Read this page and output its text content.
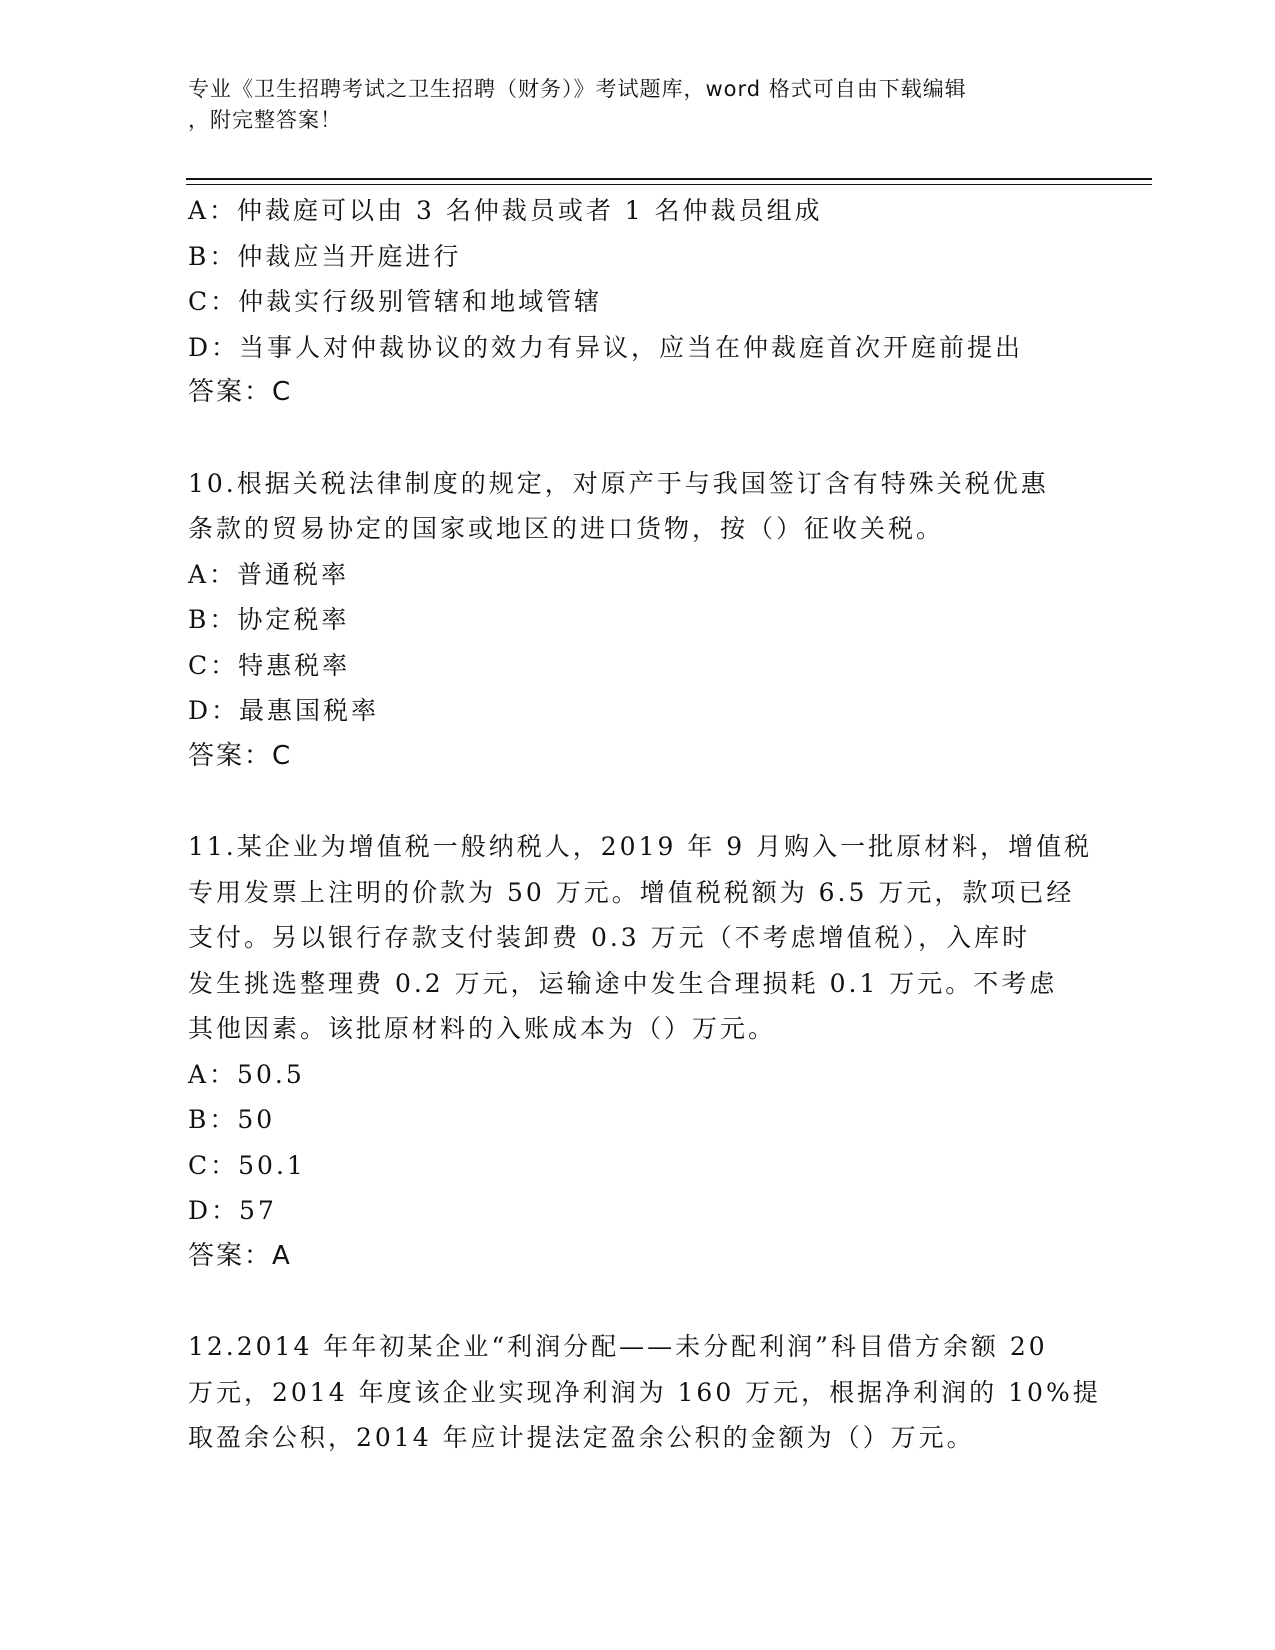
专业《卫生招聘考试之卫生招聘（财务）》考试题库，word 格式可自由下载编辑
，附完整答案！
A：仲裁庭可以由 3 名仲裁员或者 1 名仲裁员组成
B：仲裁应当开庭进行
C：仲裁实行级别管辖和地域管辖
D：当事人对仲裁协议的效力有异议，应当在仲裁庭首次开庭前提出
答案：C
10.根据关税法律制度的规定，对原产于与我国签订含有特殊关税优惠
条款的贸易协定的国家或地区的进口货物，按（）征收关税。
A：普通税率
B：协定税率
C：特惠税率
D：最惠国税率
答案：C
11.某企业为增值税一般纳税人，2019 年 9 月购入一批原材料，增值税
专用发票上注明的价款为 50 万元。增值税税额为 6.5 万元，款项已经
支付。另以银行存款支付装卸费 0.3 万元（不考虑增值税），入库时
发生挑选整理费 0.2 万元，运输途中发生合理损耗 0.1 万元。不考虑
其他因素。该批原材料的入账成本为（）万元。
A：50.5
B：50
C：50.1
D：57
答案：A
12.2014 年年初某企业“利润分配——未分配利润”科目借方余额 20
万元，2014 年度该企业实现净利润为 160 万元，根据净利润的 10%提
取盈余公积，2014 年应计提法定盈余公积的金额为（）万元。
